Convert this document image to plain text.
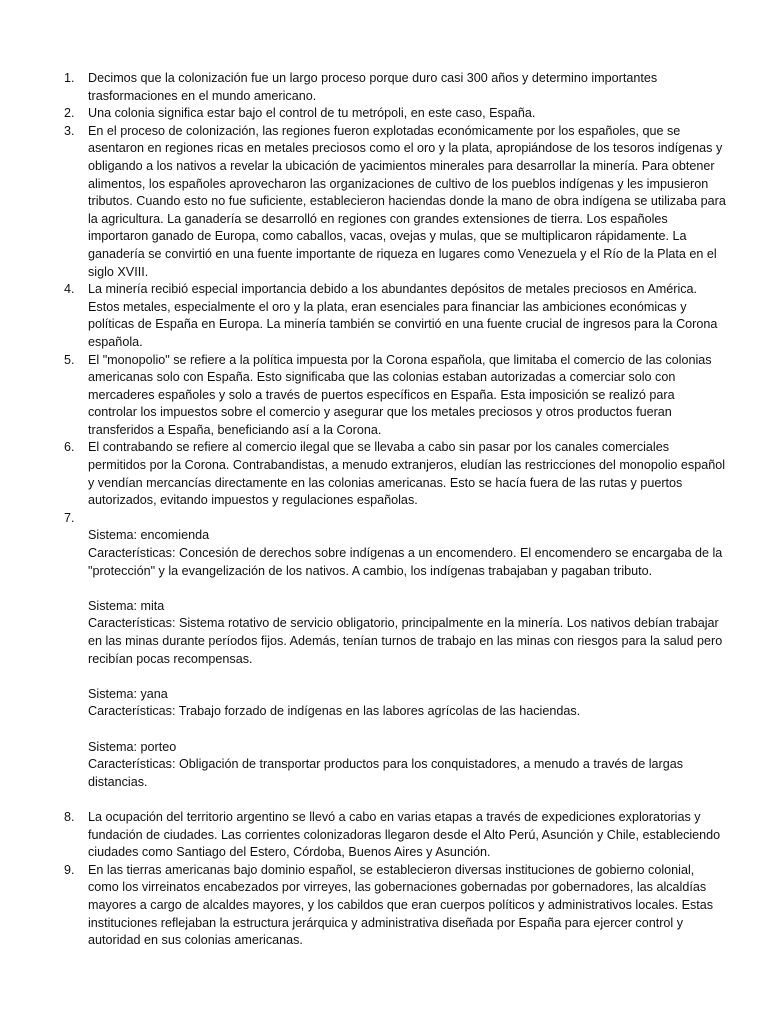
1. Decimos que la colonización fue un largo proceso porque duro casi 300 años y determino importantes trasformaciones en el mundo americano.

2. Una colonia significa estar bajo el control de tu metrópoli, en este caso, España.

3. En el proceso de colonización, las regiones fueron explotadas económicamente por los españoles, que se asentaron en regiones ricas en metales preciosos como el oro y la plata, apropiándose de los tesoros indígenas y obligando a los nativos a revelar la ubicación de yacimientos minerales para desarrollar la minería. Para obtener alimentos, los españoles aprovecharon las organizaciones de cultivo de los pueblos indígenas y les impusieron tributos. Cuando esto no fue suficiente, establecieron haciendas donde la mano de obra indígena se utilizaba para la agricultura. La ganadería se desarrolló en regiones con grandes extensiones de tierra. Los españoles importaron ganado de Europa, como caballos, vacas, ovejas y mulas, que se multiplicaron rápidamente. La ganadería se convirtió en una fuente importante de riqueza en lugares como Venezuela y el Río de la Plata en el siglo XVIII.

4. La minería recibió especial importancia debido a los abundantes depósitos de metales preciosos en América. Estos metales, especialmente el oro y la plata, eran esenciales para financiar las ambiciones económicas y políticas de España en Europa. La minería también se convirtió en una fuente crucial de ingresos para la Corona española.

5. El "monopolio" se refiere a la política impuesta por la Corona española, que limitaba el comercio de las colonias americanas solo con España. Esto significaba que las colonias estaban autorizadas a comerciar solo con mercaderes españoles y solo a través de puertos específicos en España. Esta imposición se realizó para controlar los impuestos sobre el comercio y asegurar que los metales preciosos y otros productos fueran transferidos a España, beneficiando así a la Corona.

6. El contrabando se refiere al comercio ilegal que se llevaba a cabo sin pasar por los canales comerciales permitidos por la Corona. Contrabandistas, a menudo extranjeros, eludían las restricciones del monopolio español y vendían mercancías directamente en las colonias americanas. Esto se hacía fuera de las rutas y puertos autorizados, evitando impuestos y regulaciones españolas.

7.

Sistema: encomienda

Características: Concesión de derechos sobre indígenas a un encomendero. El encomendero se encargaba de la "protección" y la evangelización de los nativos. A cambio, los indígenas trabajaban y pagaban tributo.

Sistema: mita

Características: Sistema rotativo de servicio obligatorio, principalmente en la minería. Los nativos debían trabajar en las minas durante períodos fijos. Además, tenían turnos de trabajo en las minas con riesgos para la salud pero recibían pocas recompensas.

Sistema: yana

Características: Trabajo forzado de indígenas en las labores agrícolas de las haciendas.

Sistema: porteo

Características: Obligación de transportar productos para los conquistadores, a menudo a través de largas distancias.

8. La ocupación del territorio argentino se llevó a cabo en varias etapas a través de expediciones exploratorias y fundación de ciudades. Las corrientes colonizadoras llegaron desde el Alto Perú, Asunción y Chile, estableciendo ciudades como Santiago del Estero, Córdoba, Buenos Aires y Asunción.

9. En las tierras americanas bajo dominio español, se establecieron diversas instituciones de gobierno colonial, como los virreinatos encabezados por virreyes, las gobernaciones gobernadas por gobernadores, las alcaldías mayores a cargo de alcaldes mayores, y los cabildos que eran cuerpos políticos y administrativos locales. Estas instituciones reflejaban la estructura jerárquica y administrativa diseñada por España para ejercer control y autoridad en sus colonias americanas.
